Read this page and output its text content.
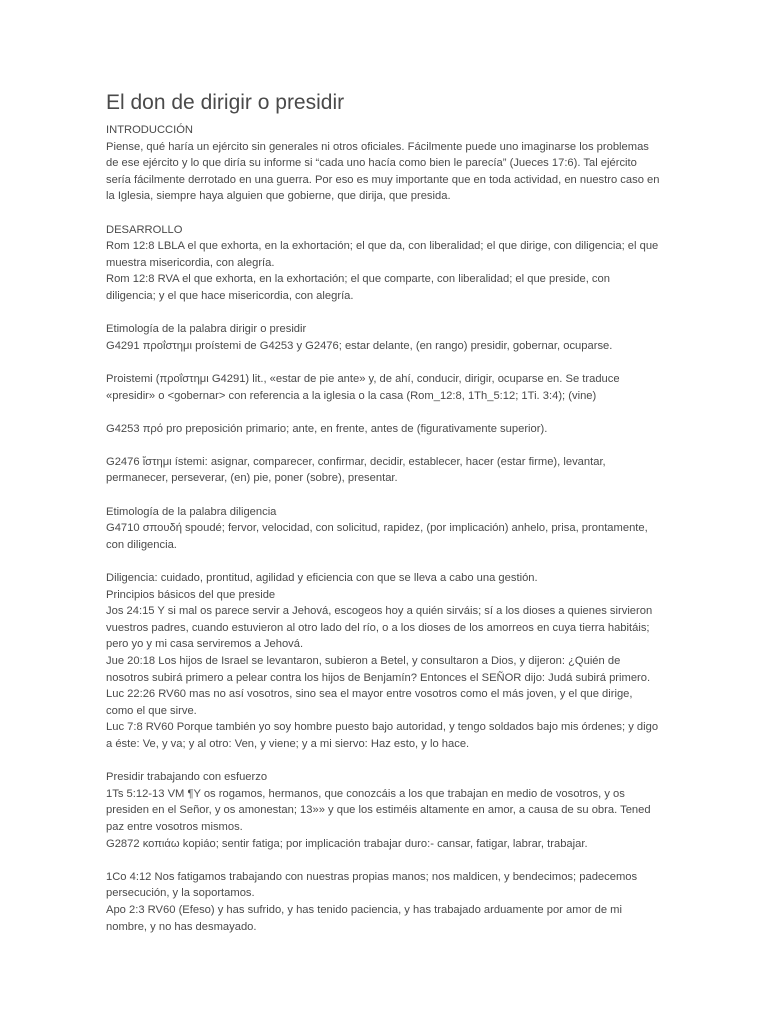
El don de dirigir o presidir

INTRODUCCIÓN

Piense, qué haría un ejército sin generales ni otros oficiales. Fácilmente puede uno imaginarse los problemas de ese ejército y lo que diría su informe si “cada uno hacía como bien le parecía” (Jueces 17:6). Tal ejército sería fácilmente derrotado en una guerra. Por eso es muy importante que en toda actividad, en nuestro caso en la Iglesia, siempre haya alguien que gobierne, que dirija, que presida.

DESARROLLO

Rom 12:8 LBLA el que exhorta, en la exhortación; el que da, con liberalidad; el que dirige, con diligencia; el que muestra misericordia, con alegría.

Rom 12:8 RVA el que exhorta, en la exhortación; el que comparte, con liberalidad; el que preside, con diligencia; y el que hace misericordia, con alegría.

Etimología de la palabra dirigir o presidir

G4291 προΐστημι proístemi de G4253 y G2476; estar delante, (en rango) presidir, gobernar, ocuparse.

Proistemi (προΐστημι G4291) lit., «estar de pie ante» y, de ahí, conducir, dirigir, ocuparse en. Se traduce «presidir» o <gobernar> con referencia a la iglesia o la casa (Rom_12:8, 1Th_5:12; 1Ti. 3:4); (vine)

G4253 πρό pro preposición primario; ante, en frente, antes de (figurativamente superior).

G2476 ἵστημι ístemi: asignar, comparecer, confirmar, decidir, establecer, hacer (estar firme), levantar, permanecer, perseverar, (en) pie, poner (sobre), presentar.

Etimología de la palabra diligencia

G4710 σπουδή spoudé; fervor, velocidad, con solicitud, rapidez, (por implicación) anhelo, prisa, prontamente, con diligencia.

Diligencia: cuidado, prontitud, agilidad y eficiencia con que se lleva a cabo una gestión.

Principios básicos del que preside

Jos 24:15 Y si mal os parece servir a Jehová, escogeos hoy a quién sirváis; sí a los dioses a quienes sirvieron vuestros padres, cuando estuvieron al otro lado del río, o a los dioses de los amorreos en cuya tierra habitáis; pero yo y mi casa serviremos a Jehová.

Jue 20:18 Los hijos de Israel se levantaron, subieron a Betel, y consultaron a Dios, y dijeron: ¿Quién de nosotros subirá primero a pelear contra los hijos de Benjamín? Entonces el SEÑOR dijo: Judá subirá primero.

Luc 22:26 RV60 mas no así vosotros, sino sea el mayor entre vosotros como el más joven, y el que dirige, como el que sirve.

Luc 7:8 RV60 Porque también yo soy hombre puesto bajo autoridad, y tengo soldados bajo mis órdenes; y digo a éste: Ve, y va; y al otro: Ven, y viene; y a mi siervo: Haz esto, y lo hace.

Presidir trabajando con esfuerzo

1Ts 5:12-13 VM ¶Y os rogamos, hermanos, que conozcáis a los que trabajan en medio de vosotros, y os presiden en el Señor, y os amonestan; 13»» y que los estiméis altamente en amor, a causa de su obra. Tened paz entre vosotros mismos.

G2872 κοπιάω kopiáo; sentir fatiga; por implicación trabajar duro:- cansar, fatigar, labrar, trabajar.

1Co 4:12 Nos fatigamos trabajando con nuestras propias manos; nos maldicen, y bendecimos; padecemos persecución, y la soportamos.

Apo 2:3 RV60 (Efeso) y has sufrido, y has tenido paciencia, y has trabajado arduamente por amor de mi nombre, y no has desmayado.
